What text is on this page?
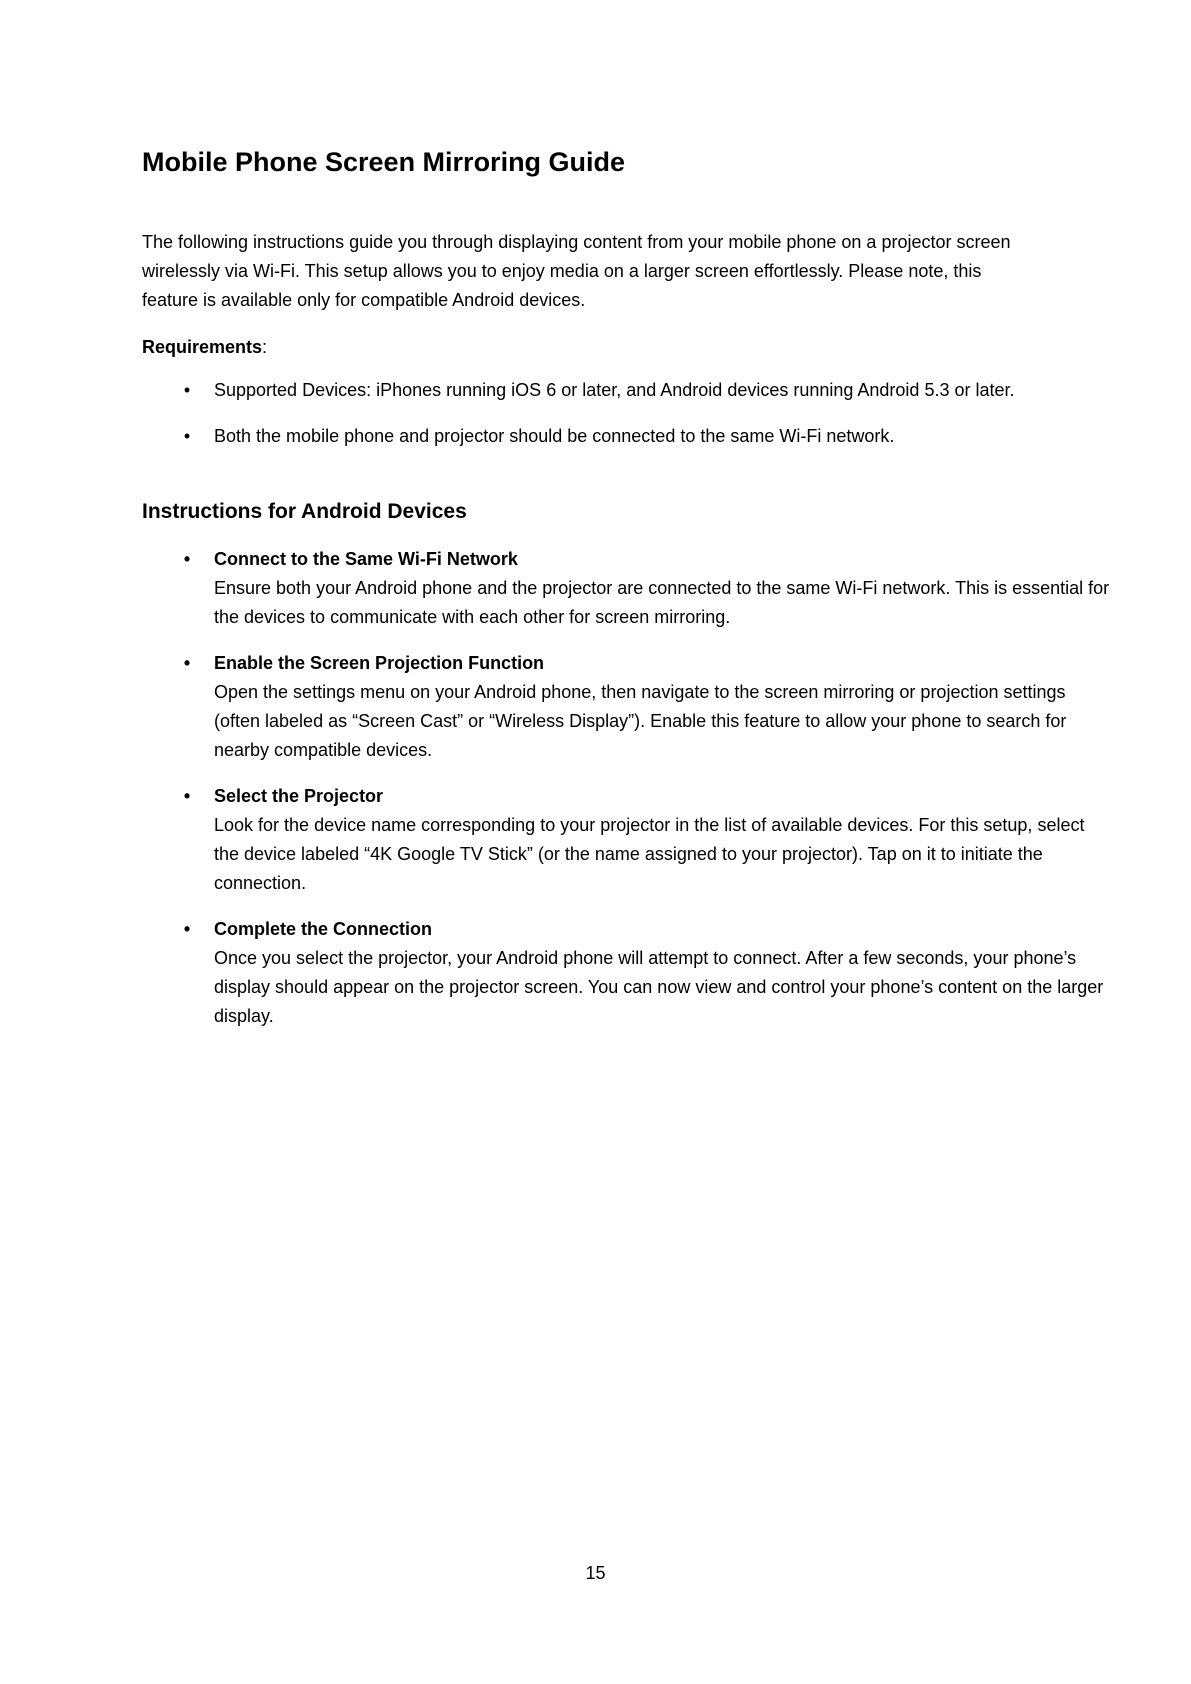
Mobile Phone Screen Mirroring Guide

The following instructions guide you through displaying content from your mobile phone on a projector screen wirelessly via Wi-Fi. This setup allows you to enjoy media on a larger screen effortlessly. Please note, this feature is available only for compatible Android devices.

Requirements:

• Supported Devices: iPhones running iOS 6 or later, and Android devices running Android 5.3 or later.
• Both the mobile phone and projector should be connected to the same Wi-Fi network.
Instructions for Android Devices
• Connect to the Same Wi-Fi Network
Ensure both your Android phone and the projector are connected to the same Wi-Fi network. This is essential for the devices to communicate with each other for screen mirroring.
• Enable the Screen Projection Function
Open the settings menu on your Android phone, then navigate to the screen mirroring or projection settings (often labeled as “Screen Cast” or “Wireless Display”). Enable this feature to allow your phone to search for nearby compatible devices.
• Select the Projector
Look for the device name corresponding to your projector in the list of available devices. For this setup, select the device labeled “4K Google TV Stick” (or the name assigned to your projector). Tap on it to initiate the connection.
• Complete the Connection
Once you select the projector, your Android phone will attempt to connect. After a few seconds, your phone’s display should appear on the projector screen. You can now view and control your phone’s content on the larger display.
15
